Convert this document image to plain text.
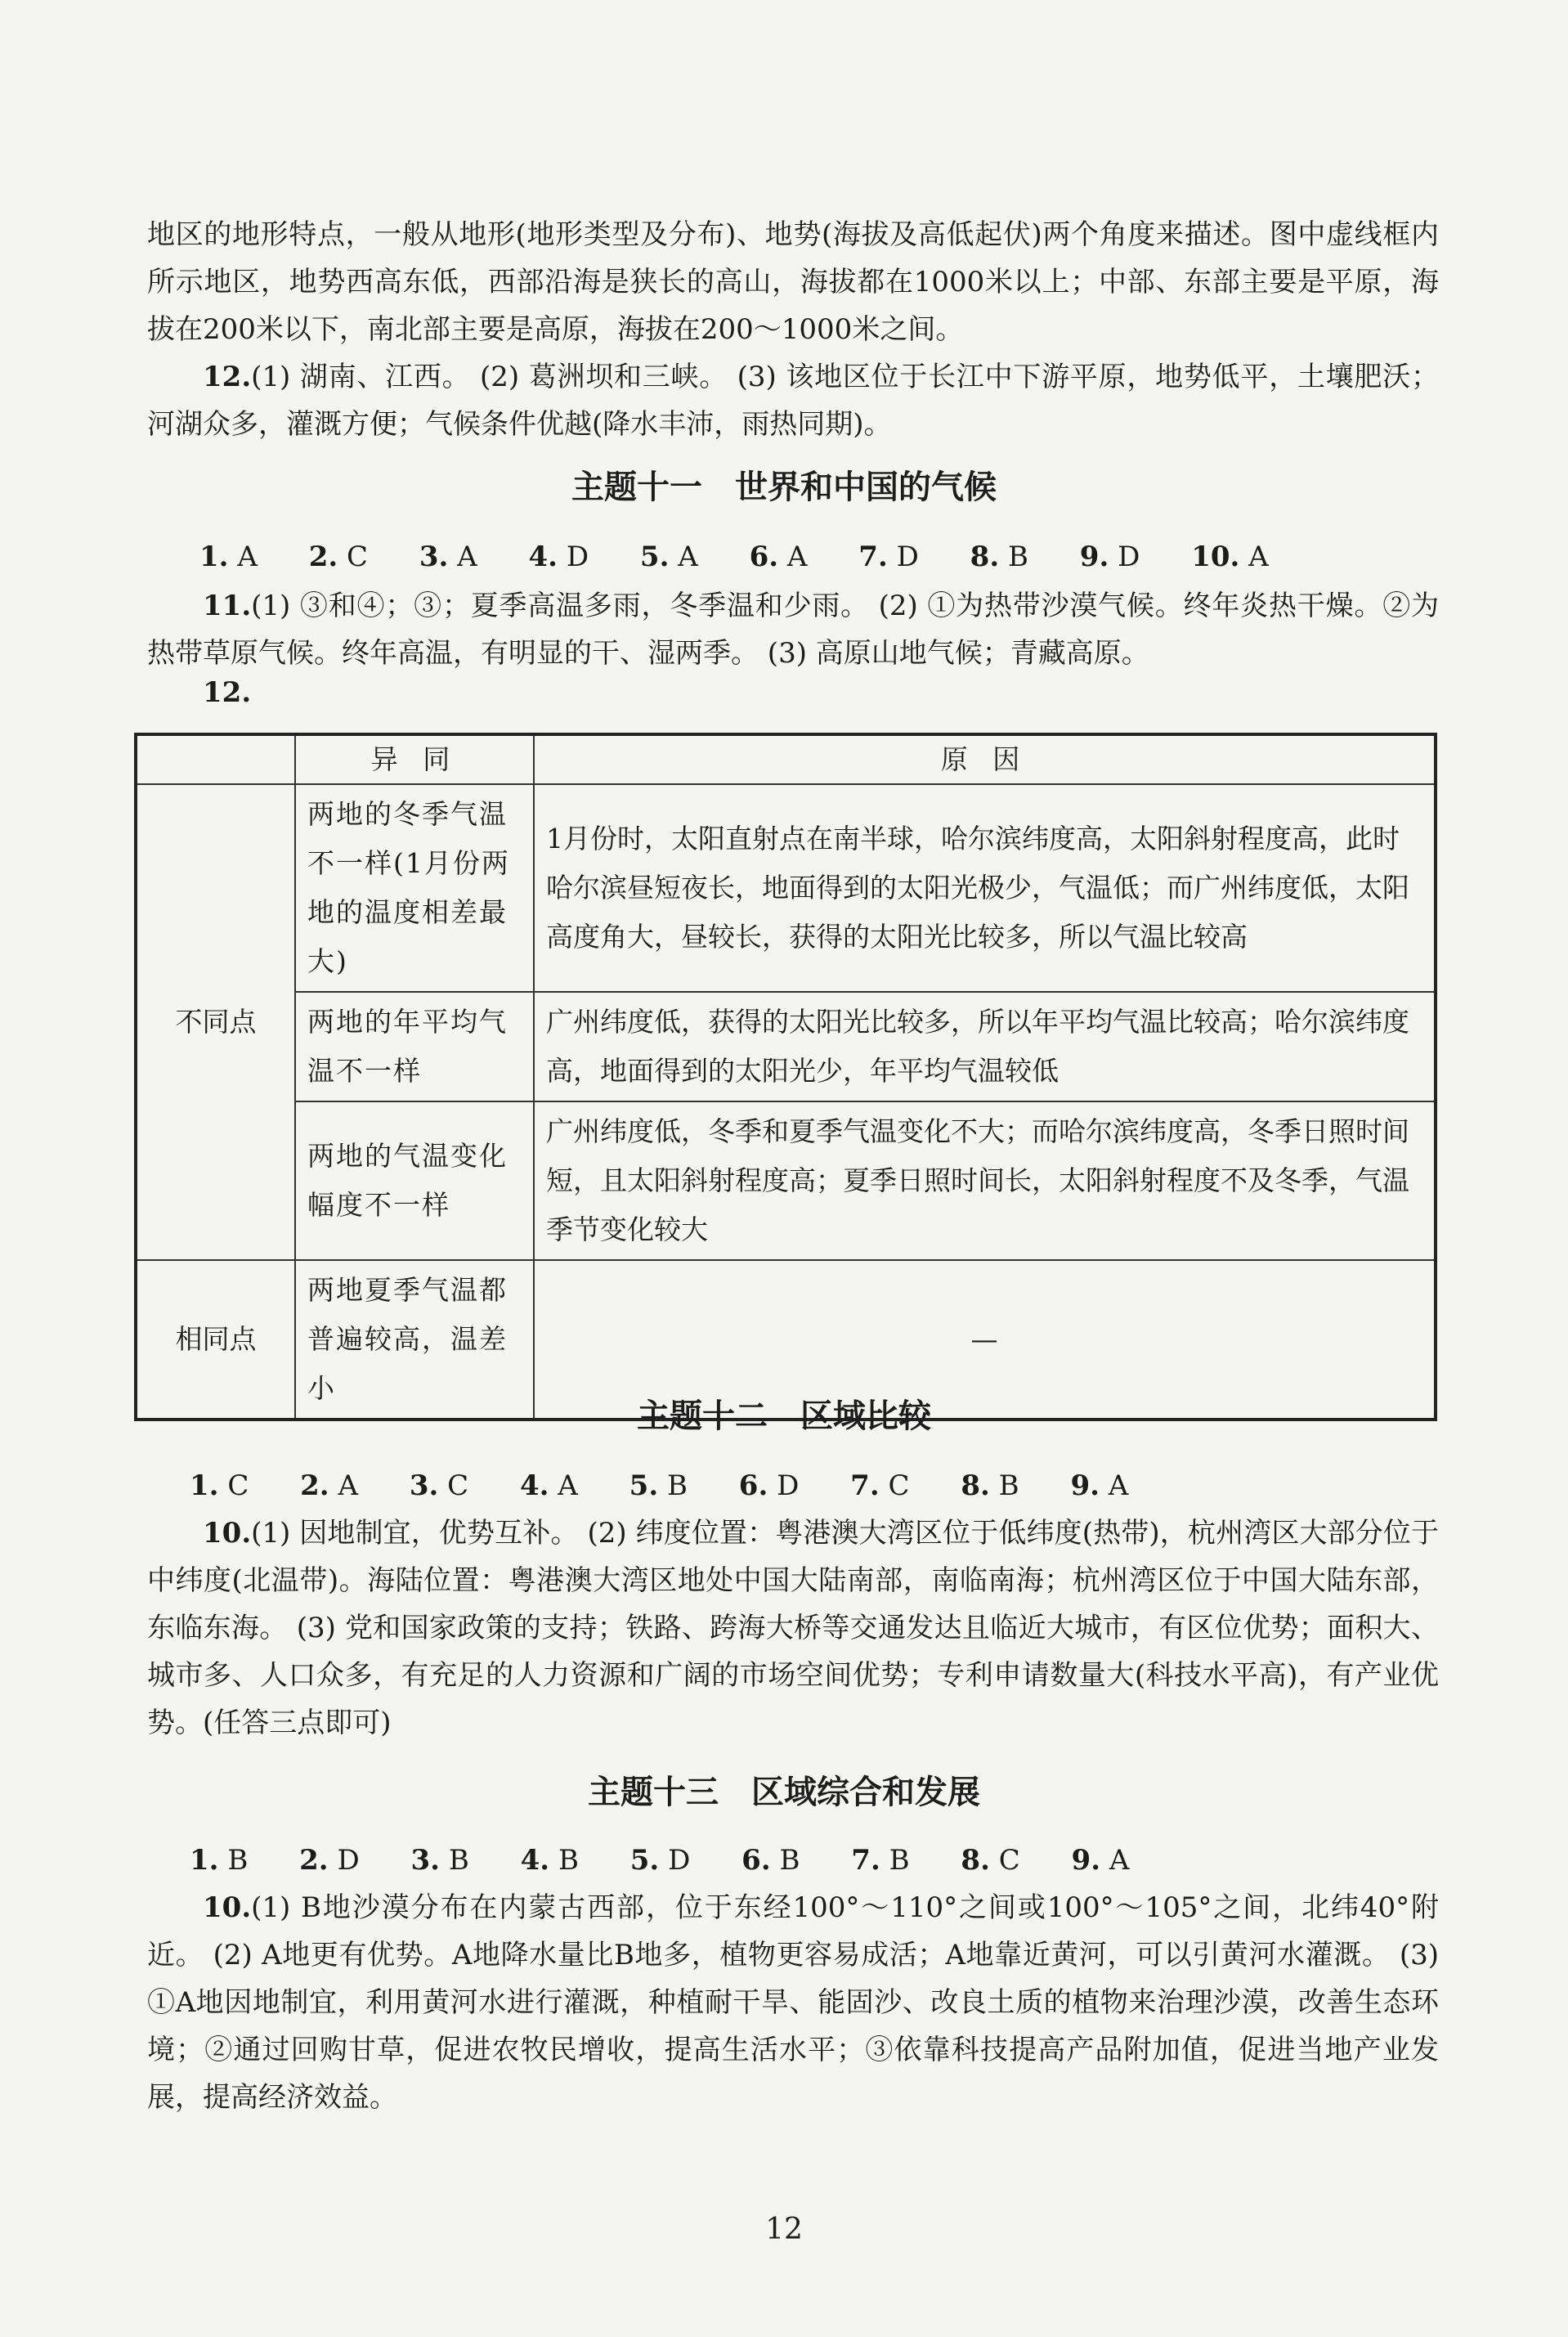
地区的地形特点，一般从地形(地形类型及分布)、地势(海拔及高低起伏)两个角度来描述。图中虚线框内所示地区，地势西高东低，西部沿海是狭长的高山，海拔都在1000米以上；中部、东部主要是平原，海拔在200米以下，南北部主要是高原，海拔在200～1000米之间。

12.(1) 湖南、江西。 (2) 葛洲坝和三峡。 (3) 该地区位于长江中下游平原，地势低平，土壤肥沃；河湖众多，灌溉方便；气候条件优越(降水丰沛，雨热同期)。

主题十一　世界和中国的气候
1. A 2. C 3. A 4. D 5. A 6. A 7. D 8. B 9. D 10. A

11.(1) ③和④；③；夏季高温多雨，冬季温和少雨。 (2) ①为热带沙漠气候。终年炎热干燥。②为热带草原气候。终年高温，有明显的干、湿两季。 (3) 高原山地气候；青藏高原。

12.

	异 同	原 因
不同点	两地的冬季气温不一样(1月份两地的温度相差最大)	1月份时，太阳直射点在南半球，哈尔滨纬度高，太阳斜射程度高，此时哈尔滨昼短夜长，地面得到的太阳光极少，气温低；而广州纬度低，太阳高度角大，昼较长，获得的太阳光比较多，所以气温比较高
	两地的年平均气温不一样	广州纬度低，获得的太阳光比较多，所以年平均气温比较高；哈尔滨纬度高，地面得到的太阳光少，年平均气温较低
	两地的气温变化幅度不一样	广州纬度低，冬季和夏季气温变化不大；而哈尔滨纬度高，冬季日照时间短，且太阳斜射程度高；夏季日照时间长，太阳斜射程度不及冬季，气温季节变化较大
相同点	两地夏季气温都普遍较高，温差小	—
主题十二　区域比较
1. C 2. A 3. C 4. A 5. B 6. D 7. C 8. B 9. A

10.(1) 因地制宜，优势互补。 (2) 纬度位置：粤港澳大湾区位于低纬度(热带)，杭州湾区大部分位于中纬度(北温带)。海陆位置：粤港澳大湾区地处中国大陆南部，南临南海；杭州湾区位于中国大陆东部，东临东海。 (3) 党和国家政策的支持；铁路、跨海大桥等交通发达且临近大城市，有区位优势；面积大、城市多、人口众多，有充足的人力资源和广阔的市场空间优势；专利申请数量大(科技水平高)，有产业优势。(任答三点即可)

主题十三　区域综合和发展
1. B 2. D 3. B 4. B 5. D 6. B 7. B 8. C 9. A

10.(1) B地沙漠分布在内蒙古西部，位于东经100°～110°之间或100°～105°之间，北纬40°附近。 (2) A地更有优势。A地降水量比B地多，植物更容易成活；A地靠近黄河，可以引黄河水灌溉。 (3) ①A地因地制宜，利用黄河水进行灌溉，种植耐干旱、能固沙、改良土质的植物来治理沙漠，改善生态环境；②通过回购甘草，促进农牧民增收，提高生活水平；③依靠科技提高产品附加值，促进当地产业发展，提高经济效益。

12
